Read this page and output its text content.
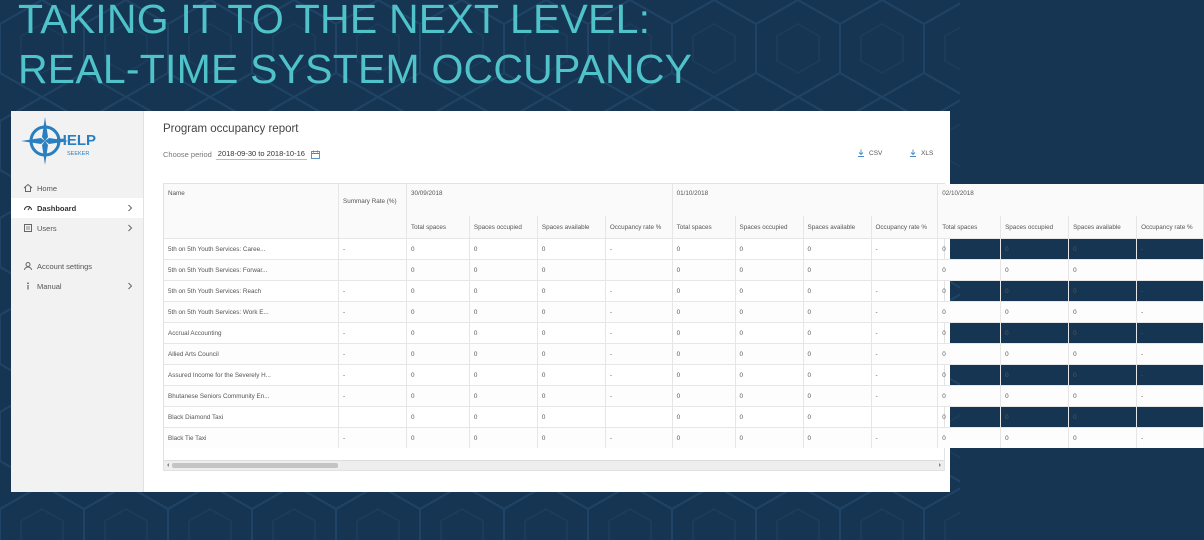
TAKING IT TO THE NEXT LEVEL:
REAL-TIME SYSTEM OCCUPANCY
HELP
SEEKER
Home
Dashboard
Users
Account settings
Manual
Program occupancy report
Choose period 2018-09-30 to 2018-10-16	CSV	XLS
Name	Summary Rate (%)	30/09/2018				01/10/2018				02/10/2018			
		Total spaces	Spaces occupied	Spaces available	Occupancy rate %	Total spaces	Spaces occupied	Spaces available	Occupancy rate %	Total spaces	Spaces occupied	Spaces available	Occupancy rate %
5th on 5th Youth Services: Caree...	-	0	0	0	-	0	0	0	-	0	0	0	-
5th on 5th Youth Services: Forwar...		0	0	0		0	0	0		0	0	0	
5th on 5th Youth Services: Reach	-	0	0	0	-	0	0	0	-	0	0	0	-
5th on 5th Youth Services: Work E...	-	0	0	0	-	0	0	0	-	0	0	0	-
Accrual Accounting	-	0	0	0	-	0	0	0	-	0	0	0	-
Allied Arts Council	-	0	0	0	-	0	0	0	-	0	0	0	-
Assured Income for the Severely H...	-	0	0	0	-	0	0	0	-	0	0	0	-
Bhutanese Seniors Community En...	-	0	0	0	-	0	0	0	-	0	0	0	-
Black Diamond Taxi		0	0	0		0	0	0		0	0	0	
Black Tie Taxi	-	0	0	0	-	0	0	0	-	0	0	0	-
